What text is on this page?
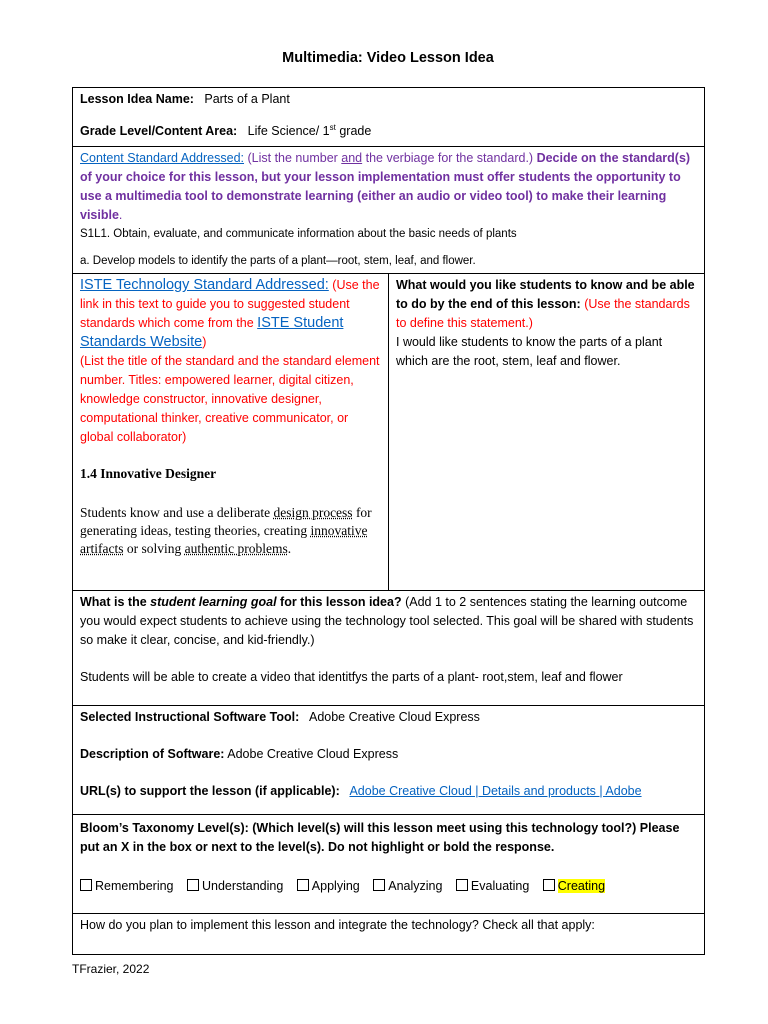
Multimedia: Video Lesson Idea
Lesson Idea Name: Parts of a Plant
Grade Level/Content Area: Life Science/ 1st grade

Content Standard Addressed: (List the number and the verbiage for the standard.) Decide on the standard(s) of your choice for this lesson, but your lesson implementation must offer students the opportunity to use a multimedia tool to demonstrate learning (either an audio or video tool) to make their learning visible.
S1L1. Obtain, evaluate, and communicate information about the basic needs of plants
a. Develop models to identify the parts of a plant—root, stem, leaf, and flower.

ISTE Technology Standard Addressed: (Use the link in this text to guide you to suggested student standards which come from the ISTE Student Standards Website)
(List the title of the standard and the standard element number. Titles: empowered learner, digital citizen, knowledge constructor, innovative designer, computational thinker, creative communicator, or global collaborator)
1.4 Innovative Designer
Students know and use a deliberate design process for generating ideas, testing theories, creating innovative artifacts or solving authentic problems.

What would you like students to know and be able to do by the end of this lesson: (Use the standards to define this statement.)
I would like students to know the parts of a plant which are the root, stem, leaf and flower.

What is the student learning goal for this lesson idea? (Add 1 to 2 sentences stating the learning outcome you would expect students to achieve using the technology tool selected. This goal will be shared with students so make it clear, concise, and kid-friendly.)
Students will be able to create a video that identitfys the parts of a plant- root,stem, leaf and flower

Selected Instructional Software Tool: Adobe Creative Cloud Express
Description of Software: Adobe Creative Cloud Express
URL(s) to support the lesson (if applicable): Adobe Creative Cloud | Details and products | Adobe

Bloom’s Taxonomy Level(s): (Which level(s) will this lesson meet using this technology tool?) Please put an X in the box or next to the level(s). Do not highlight or bold the response.
Remembering Understanding Applying Analyzing Evaluating Creating

How do you plan to implement this lesson and integrate the technology? Check all that apply:
TFrazier, 2022
